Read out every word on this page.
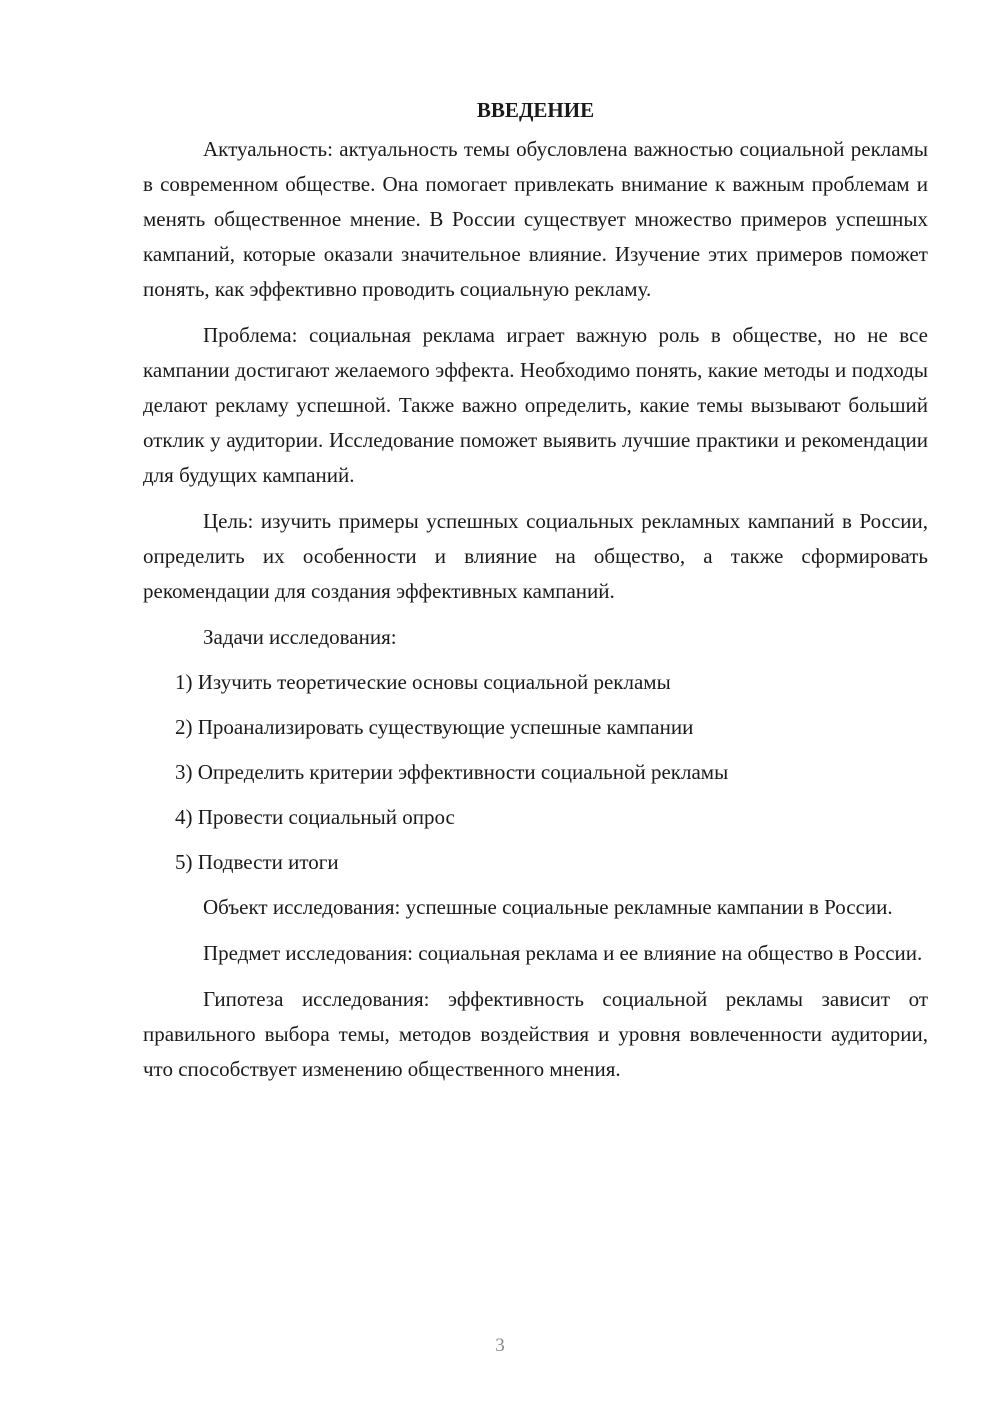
ВВЕДЕНИЕ

Актуальность: актуальность темы обусловлена важностью социальной рекламы в современном обществе. Она помогает привлекать внимание к важным проблемам и менять общественное мнение. В России существует множество примеров успешных кампаний, которые оказали значительное влияние. Изучение этих примеров поможет понять, как эффективно проводить социальную рекламу.

Проблема: социальная реклама играет важную роль в обществе, но не все кампании достигают желаемого эффекта. Необходимо понять, какие методы и подходы делают рекламу успешной. Также важно определить, какие темы вызывают больший отклик у аудитории. Исследование поможет выявить лучшие практики и рекомендации для будущих кампаний.

Цель: изучить примеры успешных социальных рекламных кампаний в России, определить их особенности и влияние на общество, а также сформировать рекомендации для создания эффективных кампаний.

Задачи исследования:

1) Изучить теоретические основы социальной рекламы
2) Проанализировать существующие успешные кампании
3) Определить критерии эффективности социальной рекламы
4) Провести социальный опрос
5) Подвести итоги

Объект исследования: успешные социальные рекламные кампании в России.

Предмет исследования: социальная реклама и ее влияние на общество в России.

Гипотеза исследования: эффективность социальной рекламы зависит от правильного выбора темы, методов воздействия и уровня вовлеченности аудитории, что способствует изменению общественного мнения.

3
